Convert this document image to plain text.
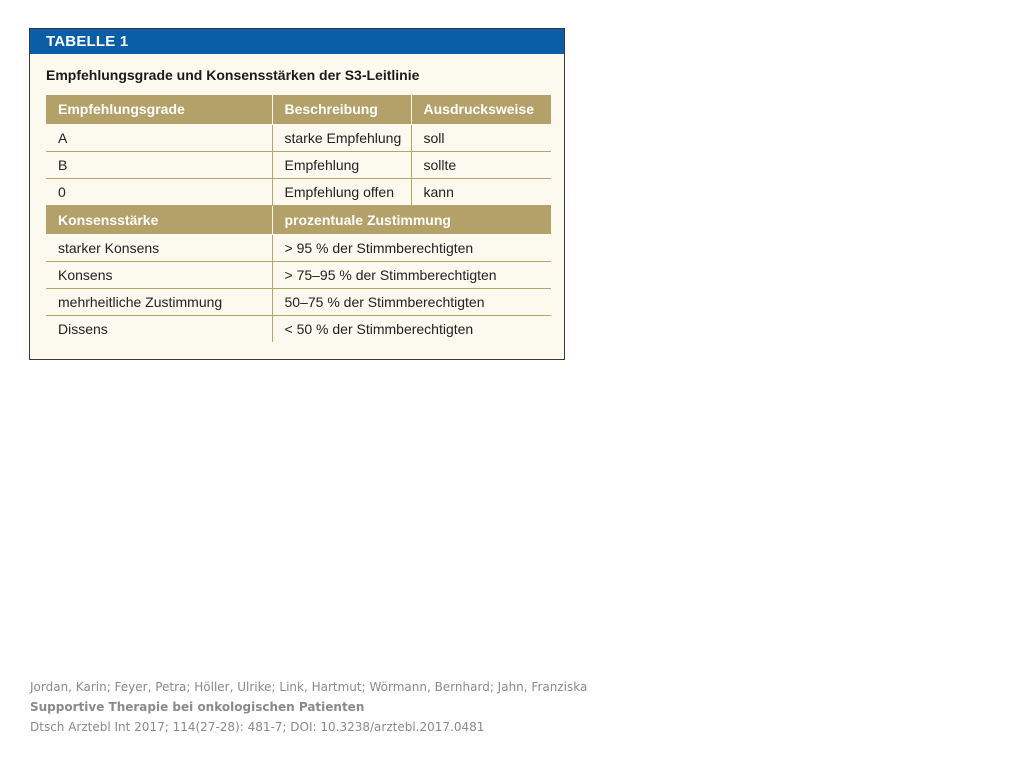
TABELLE 1
Empfehlungsgrade und Konsensstärken der S3-Leitlinie
Empfehlungsgrade	Beschreibung	Ausdrucksweise
A	starke Empfehlung	soll
B	Empfehlung	sollte
0	Empfehlung offen	kann
Konsensstärke	prozentuale Zustimmung	
starker Konsens	> 95 % der Stimmberechtigten	
Konsens	> 75–95 % der Stimmberechtigten	
mehrheitliche Zustimmung	50–75 % der Stimmberechtigten	
Dissens	< 50 % der Stimmberechtigten	
Jordan, Karin; Feyer, Petra; Höller, Ulrike; Link, Hartmut; Wörmann, Bernhard; Jahn, Franziska
Supportive Therapie bei onkologischen Patienten
Dtsch Arztebl Int 2017; 114(27-28): 481-7; DOI: 10.3238/arztebl.2017.0481
